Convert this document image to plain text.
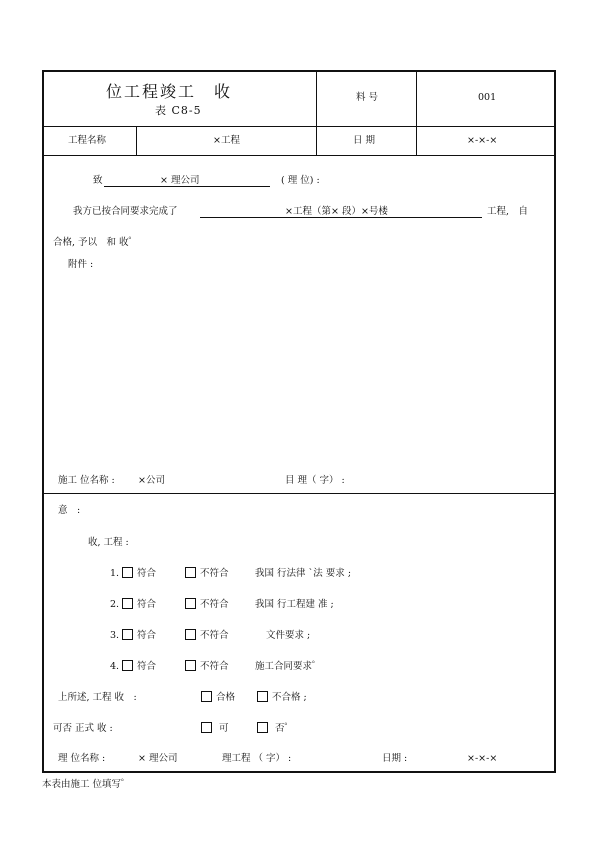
位工程竣工　收
表 C8-5
料 号	001
工程名称	×工程	日 期	×-×-×
致	× 理公司	( 理 位) :
我方已按合同要求完成了	×工程（第× 段）×号楼	工程,　自
合格, 予以　和 收゜
附件 :
施工 位名称 : ×公司	目 理（ 字） :
意　:
收, 工程 :
1. 符合	不符合	我国 行法律 `法 要求 ;
2. 符合	不符合	我国 行工程建 准 ;
3. 符合	不符合	文件要求 ;
4. 符合	不符合	施工合同要求゜
上所述, 工程 收　:	合格	不合格 ;
可否 正式 收 :	可	否゜
理 位名称 :	× 理公司	理工程 （ 字） :	日期 :	×-×-×
本表由施工 位填写゜
